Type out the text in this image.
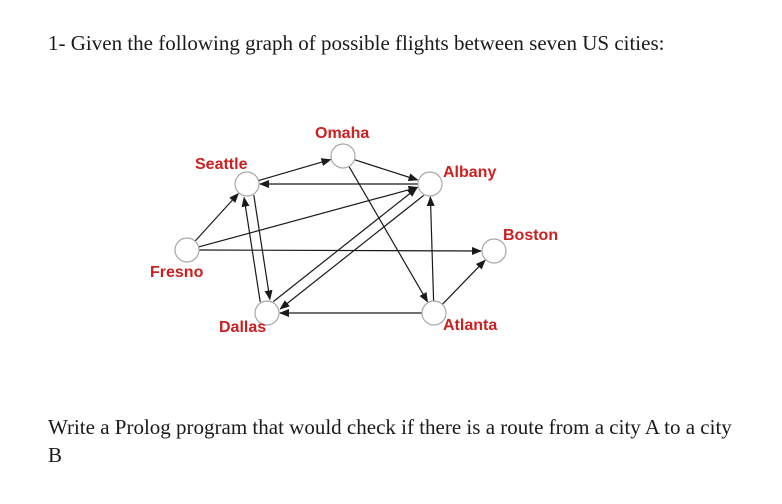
1- Given the following graph of possible flights between seven US cities:

Omaha
Seattle	Albany
Boston
Fresno
Dallas	Atlanta

Write a Prolog program that would check if there is a route from a city A to a city B
